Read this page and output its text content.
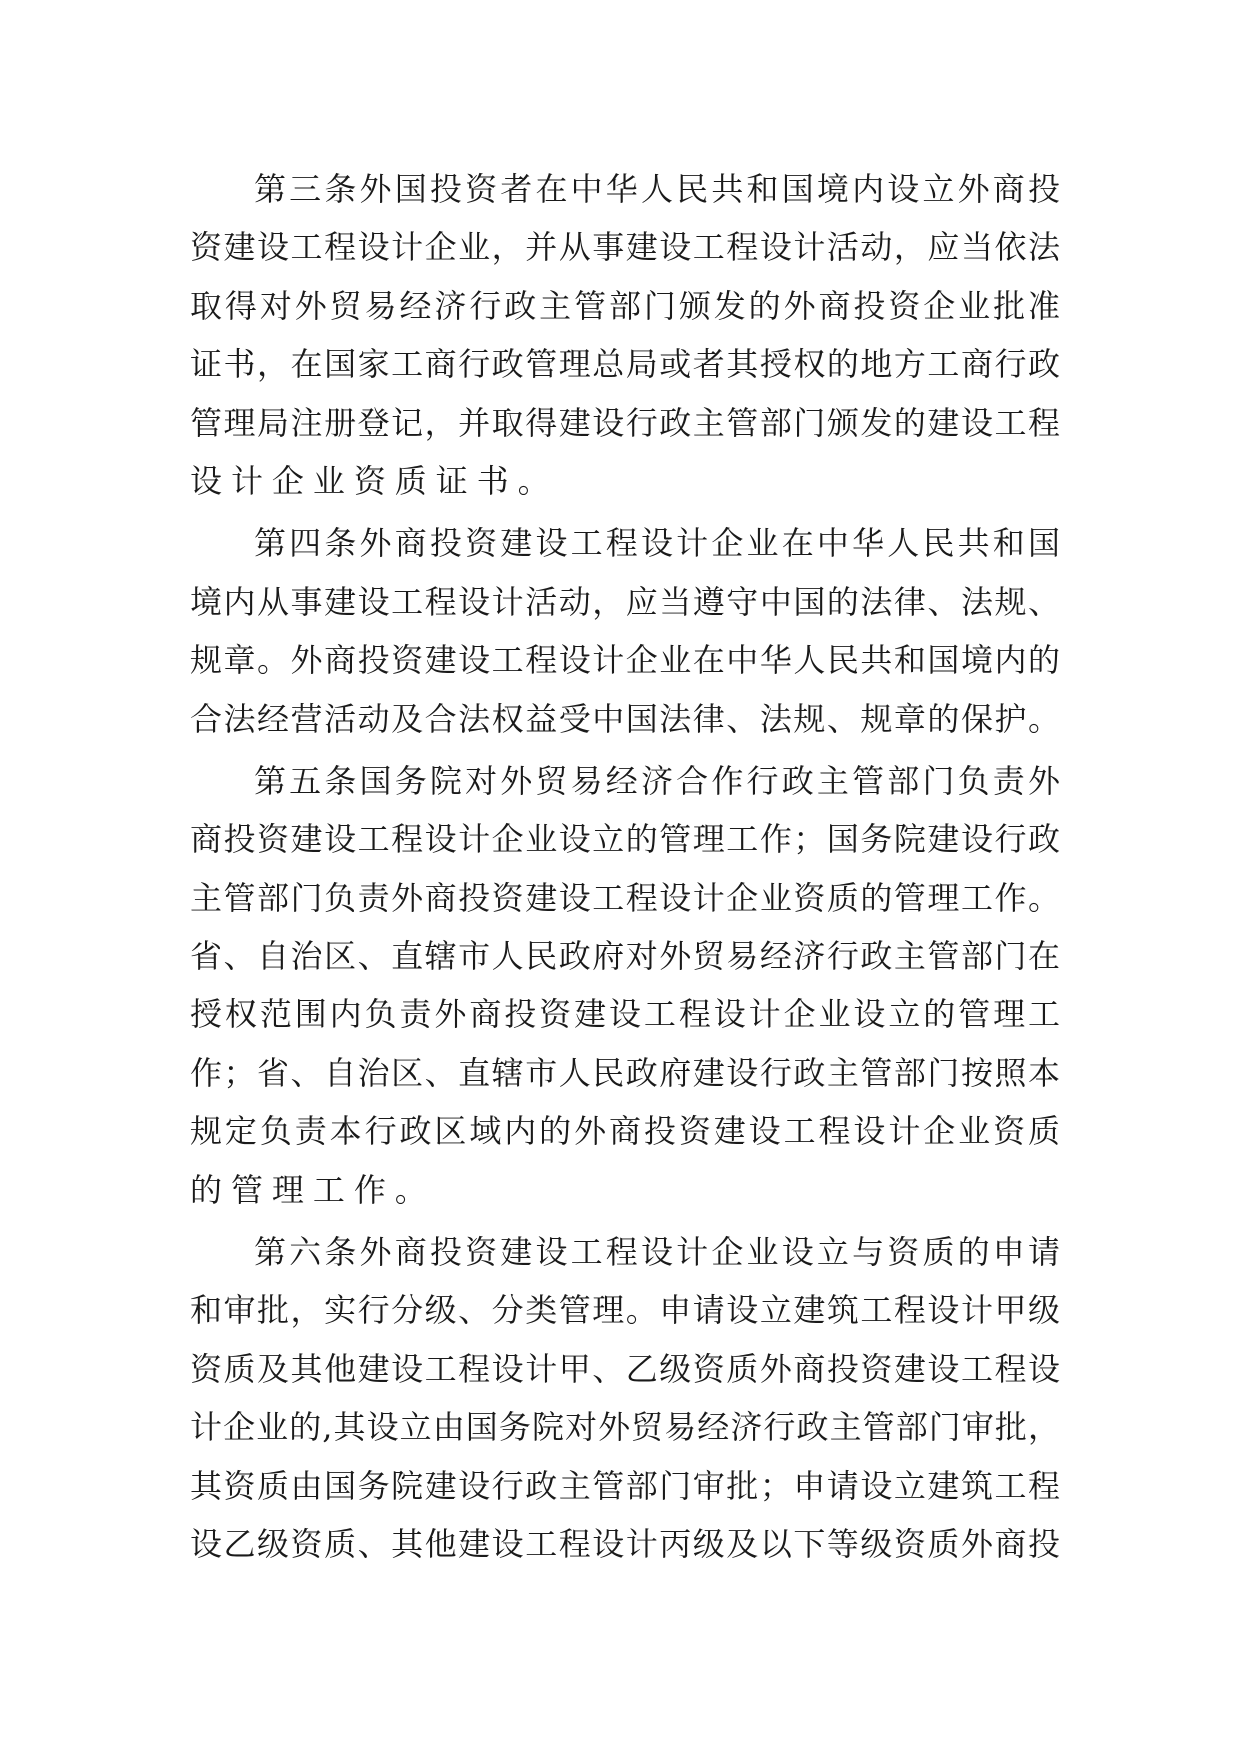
第三条外国投资者在中华人民共和国境内设立外商投
资建设工程设计企业，并从事建设工程设计活动，应当依法
取得对外贸易经济行政主管部门颁发的外商投资企业批准
证书，在国家工商行政管理总局或者其授权的地方工商行政
管理局注册登记，并取得建设行政主管部门颁发的建设工程
设计企业资质证书。
第四条外商投资建设工程设计企业在中华人民共和国
境内从事建设工程设计活动，应当遵守中国的法律、法规、
规章。外商投资建设工程设计企业在中华人民共和国境内的
合法经营活动及合法权益受中国法律、法规、规章的保护。
第五条国务院对外贸易经济合作行政主管部门负责外
商投资建设工程设计企业设立的管理工作；国务院建设行政
主管部门负责外商投资建设工程设计企业资质的管理工作。
省、自治区、直辖市人民政府对外贸易经济行政主管部门在
授权范围内负责外商投资建设工程设计企业设立的管理工
作；省、自治区、直辖市人民政府建设行政主管部门按照本
规定负责本行政区域内的外商投资建设工程设计企业资质
的管理工作。
第六条外商投资建设工程设计企业设立与资质的申请
和审批，实行分级、分类管理。申请设立建筑工程设计甲级
资质及其他建设工程设计甲、乙级资质外商投资建设工程设
计企业的,其设立由国务院对外贸易经济行政主管部门审批，
其资质由国务院建设行政主管部门审批；申请设立建筑工程
设乙级资质、其他建设工程设计丙级及以下等级资质外商投
